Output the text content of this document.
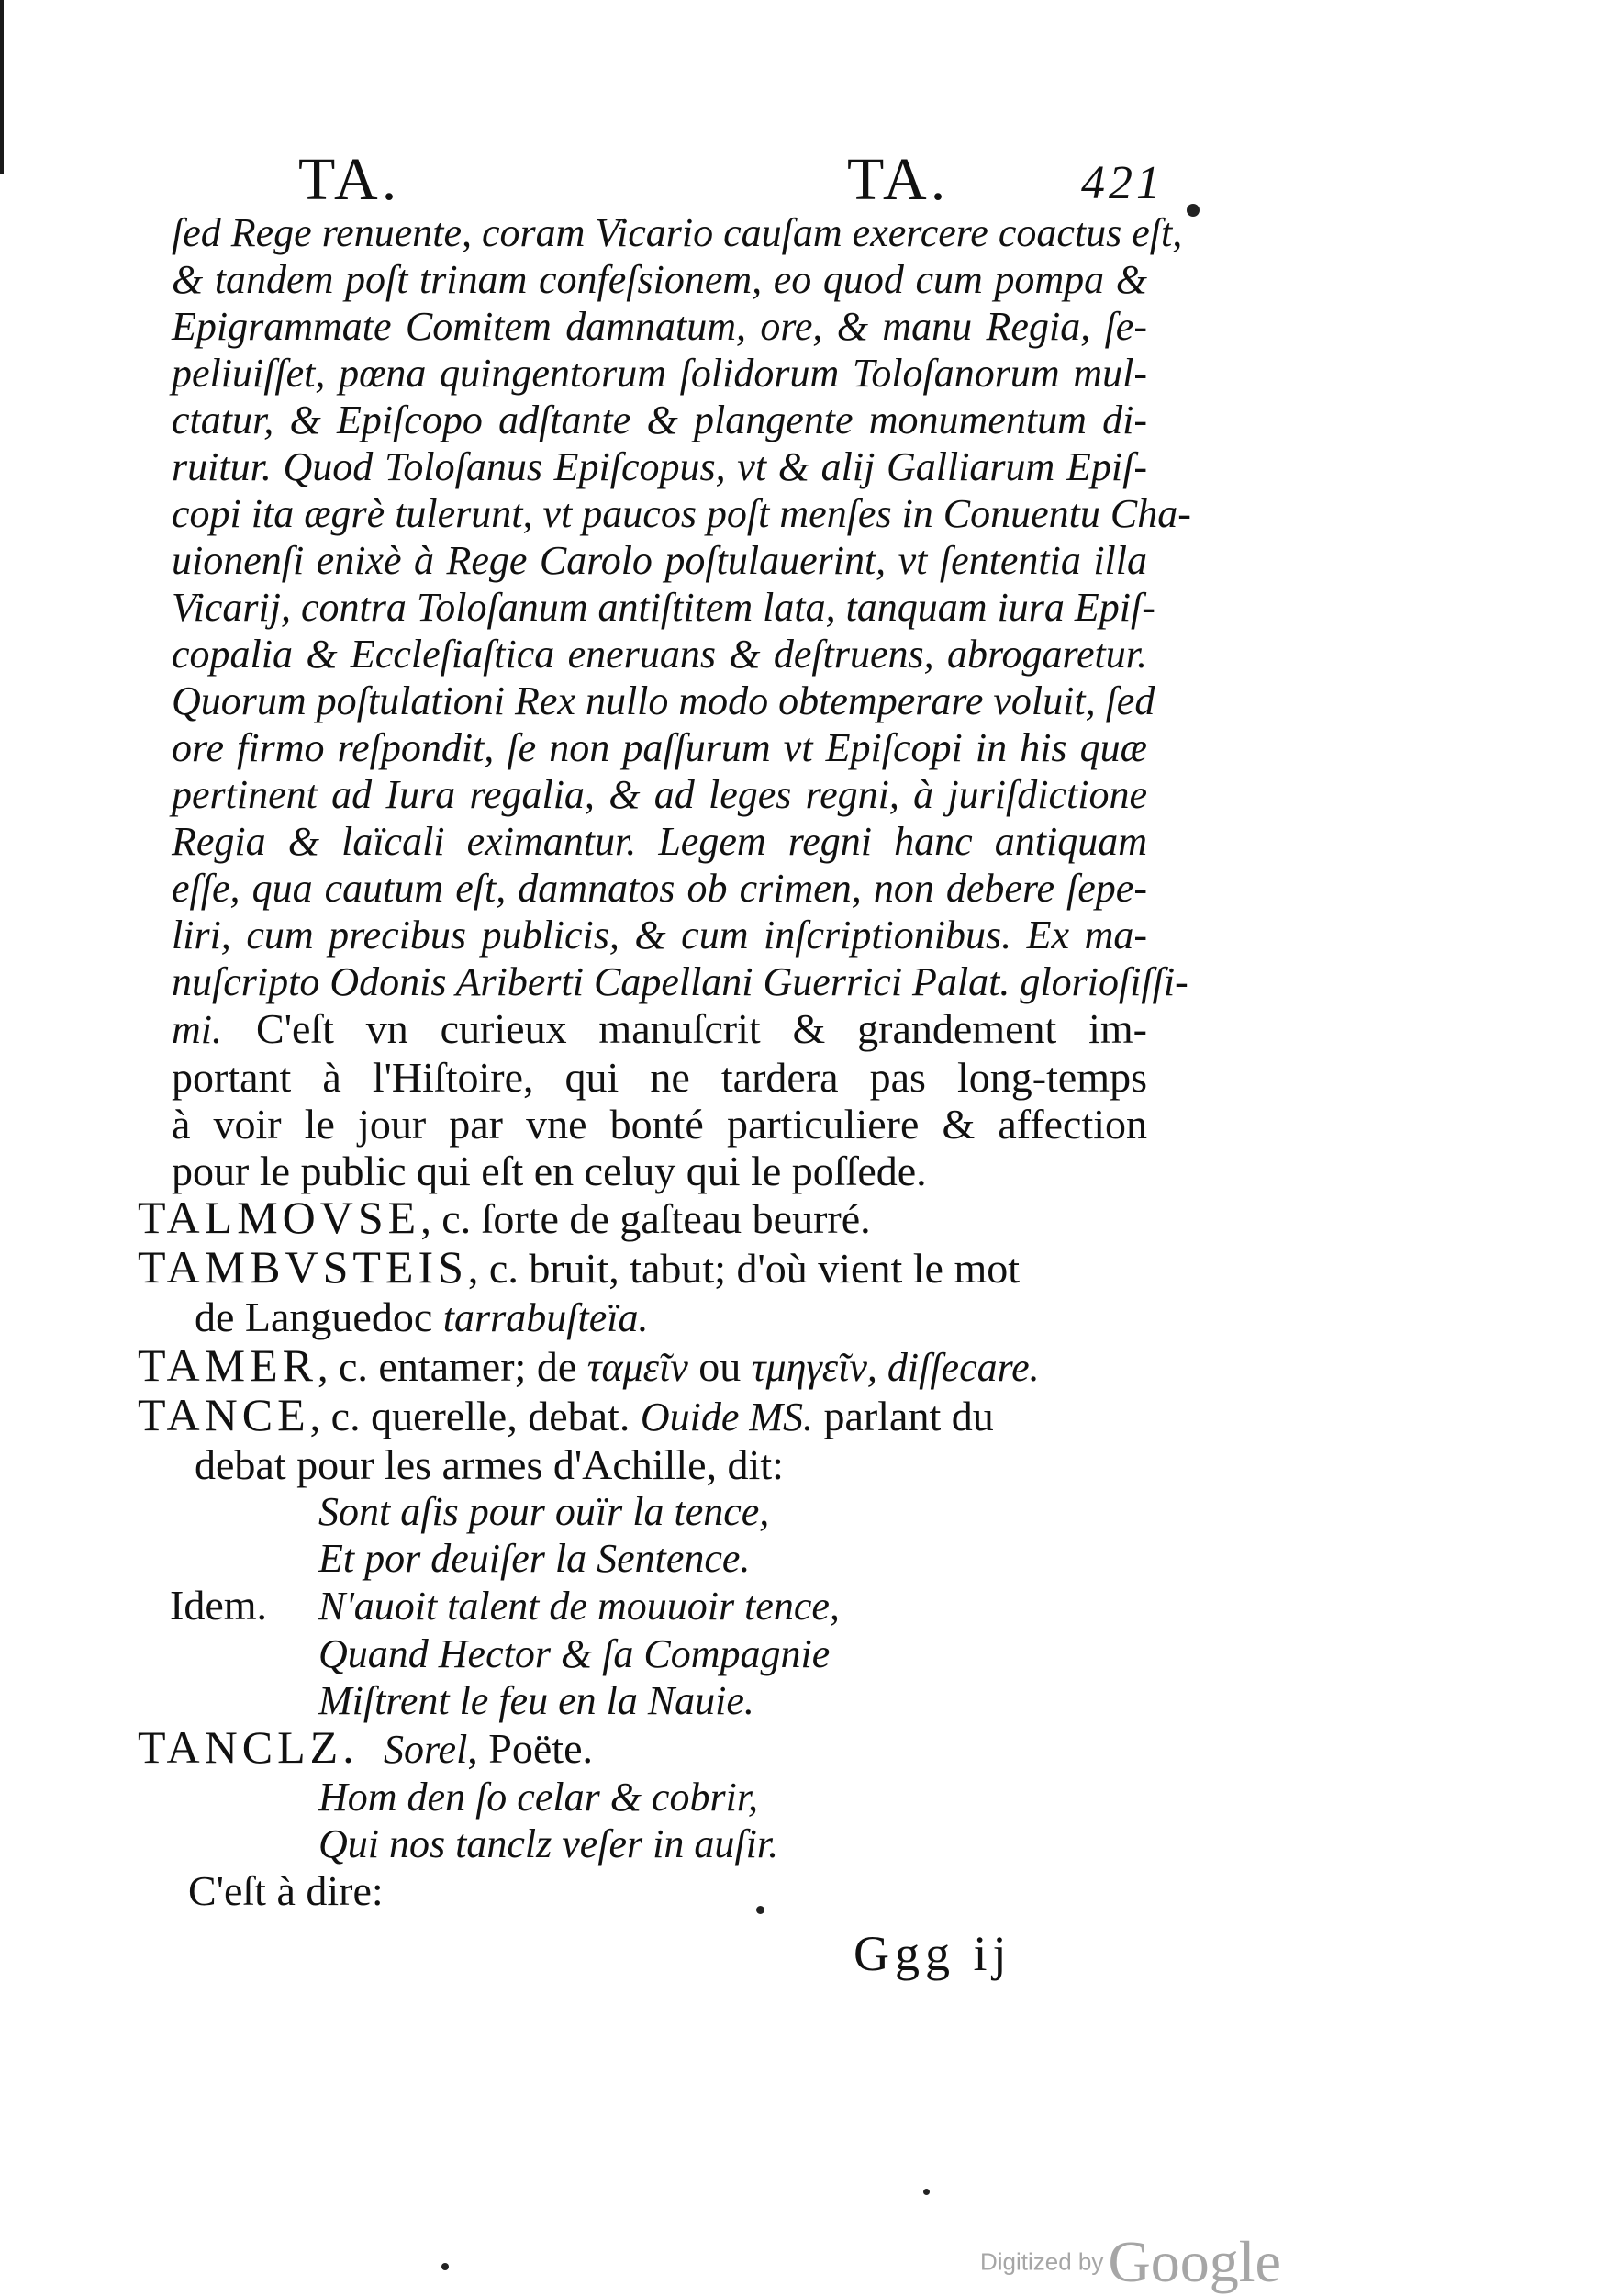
TA.	TA.	421
ſed Rege renuente, coram Vicario cauſam exercere coactus eſt,
& tandem poſt trinam confeſsionem, eo quod cum pompa &
Epigrammate Comitem damnatum, ore, & manu Regia, ſe-
peliuiſſet, pœna quingentorum ſolidorum Toloſanorum mul-
ctatur, & Epiſcopo adſtante & plangente monumentum di-
ruitur. Quod Toloſanus Epiſcopus, vt & alij Galliarum Epiſ-
copi ita ægrè tulerunt, vt paucos poſt menſes in Conuentu Cha-
uionenſi enixè à Rege Carolo poſtulauerint, vt ſententia illa
Vicarij, contra Toloſanum antiſtitem lata, tanquam iura Epiſ-
copalia & Eccleſiaſtica eneruans & deſtruens, abrogaretur.
Quorum poſtulationi Rex nullo modo obtemperare voluit, ſed
ore firmo reſpondit, ſe non paſſurum vt Epiſcopi in his quæ
pertinent ad Iura regalia, & ad leges regni, à juriſdictione
Regia & laïcali eximantur. Legem regni hanc antiquam
eſſe, qua cautum eſt, damnatos ob crimen, non debere ſepe-
liri, cum precibus publicis, & cum inſcriptionibus. Ex ma-
nuſcripto Odonis Ariberti Capellani Guerrici Palat. glorioſiſſi-
mi. C'eſt vn curieux manuſcrit & grandement im-
portant à l'Hiſtoire, qui ne tardera pas long-temps
à voir le jour par vne bonté particuliere & affection
pour le public qui eſt en celuy qui le poſſede.
TALMOVSE, c. ſorte de gaſteau beurré.
TAMBVSTEIS, c. bruit, tabut; d'où vient le mot
de Languedoc tarrabuſteïa.
TAMER, c. entamer; de ταμεῖν ou τμηγεῖν, diſſecare.
TANCE, c. querelle, debat. Ouide MS. parlant du
debat pour les armes d'Achille, dit:
Sont aſis pour ouïr la tence,
Et por deuiſer la Sentence.
Idem. N'auoit talent de mouuoir tence,
Quand Hector & ſa Compagnie
Miſtrent le feu en la Nauie.
TANCLZ. Sorel, Poëte.
Hom den ſo celar & cobrir,
Qui nos tanclz veſer in auſir.
C'eſt à dire:
Ggg ij
Digitized by Google
